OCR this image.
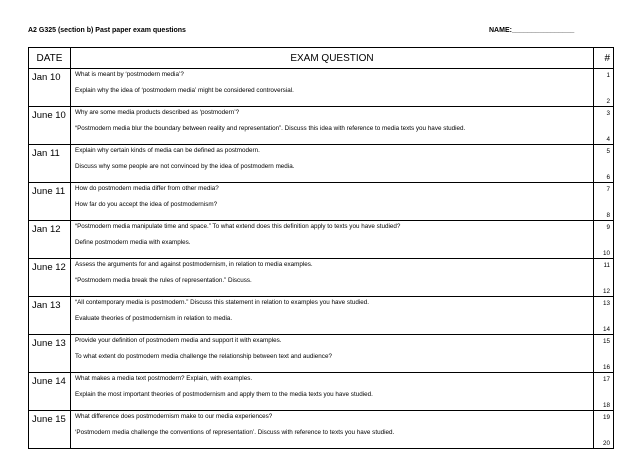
A2 G325 (section b) Past paper exam questions	NAME:________________
DATE	EXAM QUESTION	#
Jan 10	What is meant by ‘postmodern media’?
Explain why the idea of ‘postmodern media’ might be considered controversial.	1
2

June 10	Why are some media products described as ‘postmodern’?
“Postmodern media blur the boundary between reality and representation”. Discuss this idea with reference to media texts you have studied.	3
4

Jan 11	Explain why certain kinds of media can be defined as postmodern.
Discuss why some people are not convinced by the idea of postmodern media.	5
6

June 11	How do postmodern media differ from other media?
How far do you accept the idea of postmodernism?	7
8

Jan 12	“Postmodern media manipulate time and space.” To what extend does this definition apply to texts you have studied?
Define postmodern media with examples.	9
10

June 12	Assess the arguments for and against postmodernism, in relation to media examples.
“Postmodern media break the rules of representation.” Discuss.	11
12

Jan 13	“All contemporary media is postmodern.” Discuss this statement in relation to examples you have studied.
Evaluate theories of postmodernism in relation to media.	13
14

June 13	Provide your definition of postmodern media and support it with examples.
To what extent do postmodern media challenge the relationship between text and audience?	15
16

June 14	What makes a media text postmodern? Explain, with examples.
Explain the most important theories of postmodernism and apply them to the media texts you have studied.	17
18

June 15	What difference does postmodernism make to our media experiences?
‘Postmodern media challenge the conventions of representation’. Discuss with reference to texts you have studied.	19
20
